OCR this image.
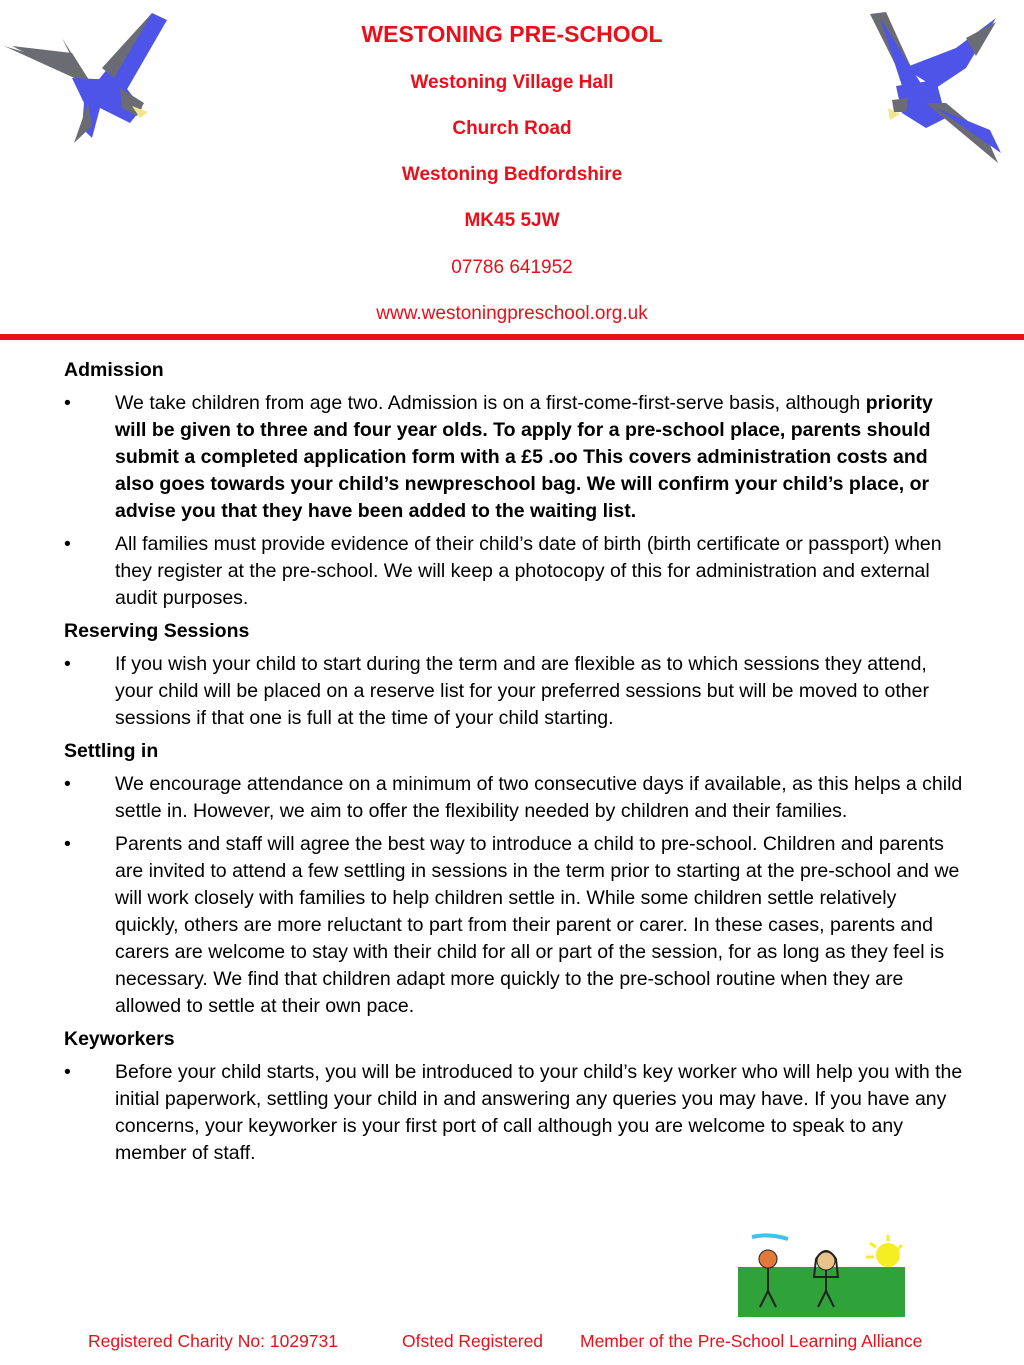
WESTONING PRE-SCHOOL
Westoning Village Hall
Church Road
Westoning Bedfordshire
MK45 5JW
07786 641952
www.westoningpreschool.org.uk
Admission
• We take children from age two. Admission is on a first-come-first-serve basis, although priority will be given to three and four year olds. To apply for a pre-school place, parents should submit a completed application form with a £5 .oo This covers administration costs and also goes towards your child’s newpreschool bag. We will confirm your child’s place, or advise you that they have been added to the waiting list.
• All families must provide evidence of their child’s date of birth (birth certificate or passport) when they register at the pre-school. We will keep a photocopy of this for administration and external audit purposes.
Reserving Sessions
• If you wish your child to start during the term and are flexible as to which sessions they attend, your child will be placed on a reserve list for your preferred sessions but will be moved to other sessions if that one is full at the time of your child starting.
Settling in
• We encourage attendance on a minimum of two consecutive days if available, as this helps a child settle in. However, we aim to offer the flexibility needed by children and their families.
• Parents and staff will agree the best way to introduce a child to pre-school. Children and parents are invited to attend a few settling in sessions in the term prior to starting at the pre-school and we will work closely with families to help children settle in. While some children settle relatively quickly, others are more reluctant to part from their parent or carer. In these cases, parents and carers are welcome to stay with their child for all or part of the session, for as long as they feel is necessary. We find that children adapt more quickly to the pre-school routine when they are allowed to settle at their own pace.
Keyworkers
• Before your child starts, you will be introduced to your child’s key worker who will help you with the initial paperwork, settling your child in and answering any queries you may have. If you have any concerns, your keyworker is your first port of call although you are welcome to speak to any member of staff.
Registered Charity No: 1029731	Ofsted Registered Member of the Pre-School Learning Alliance
